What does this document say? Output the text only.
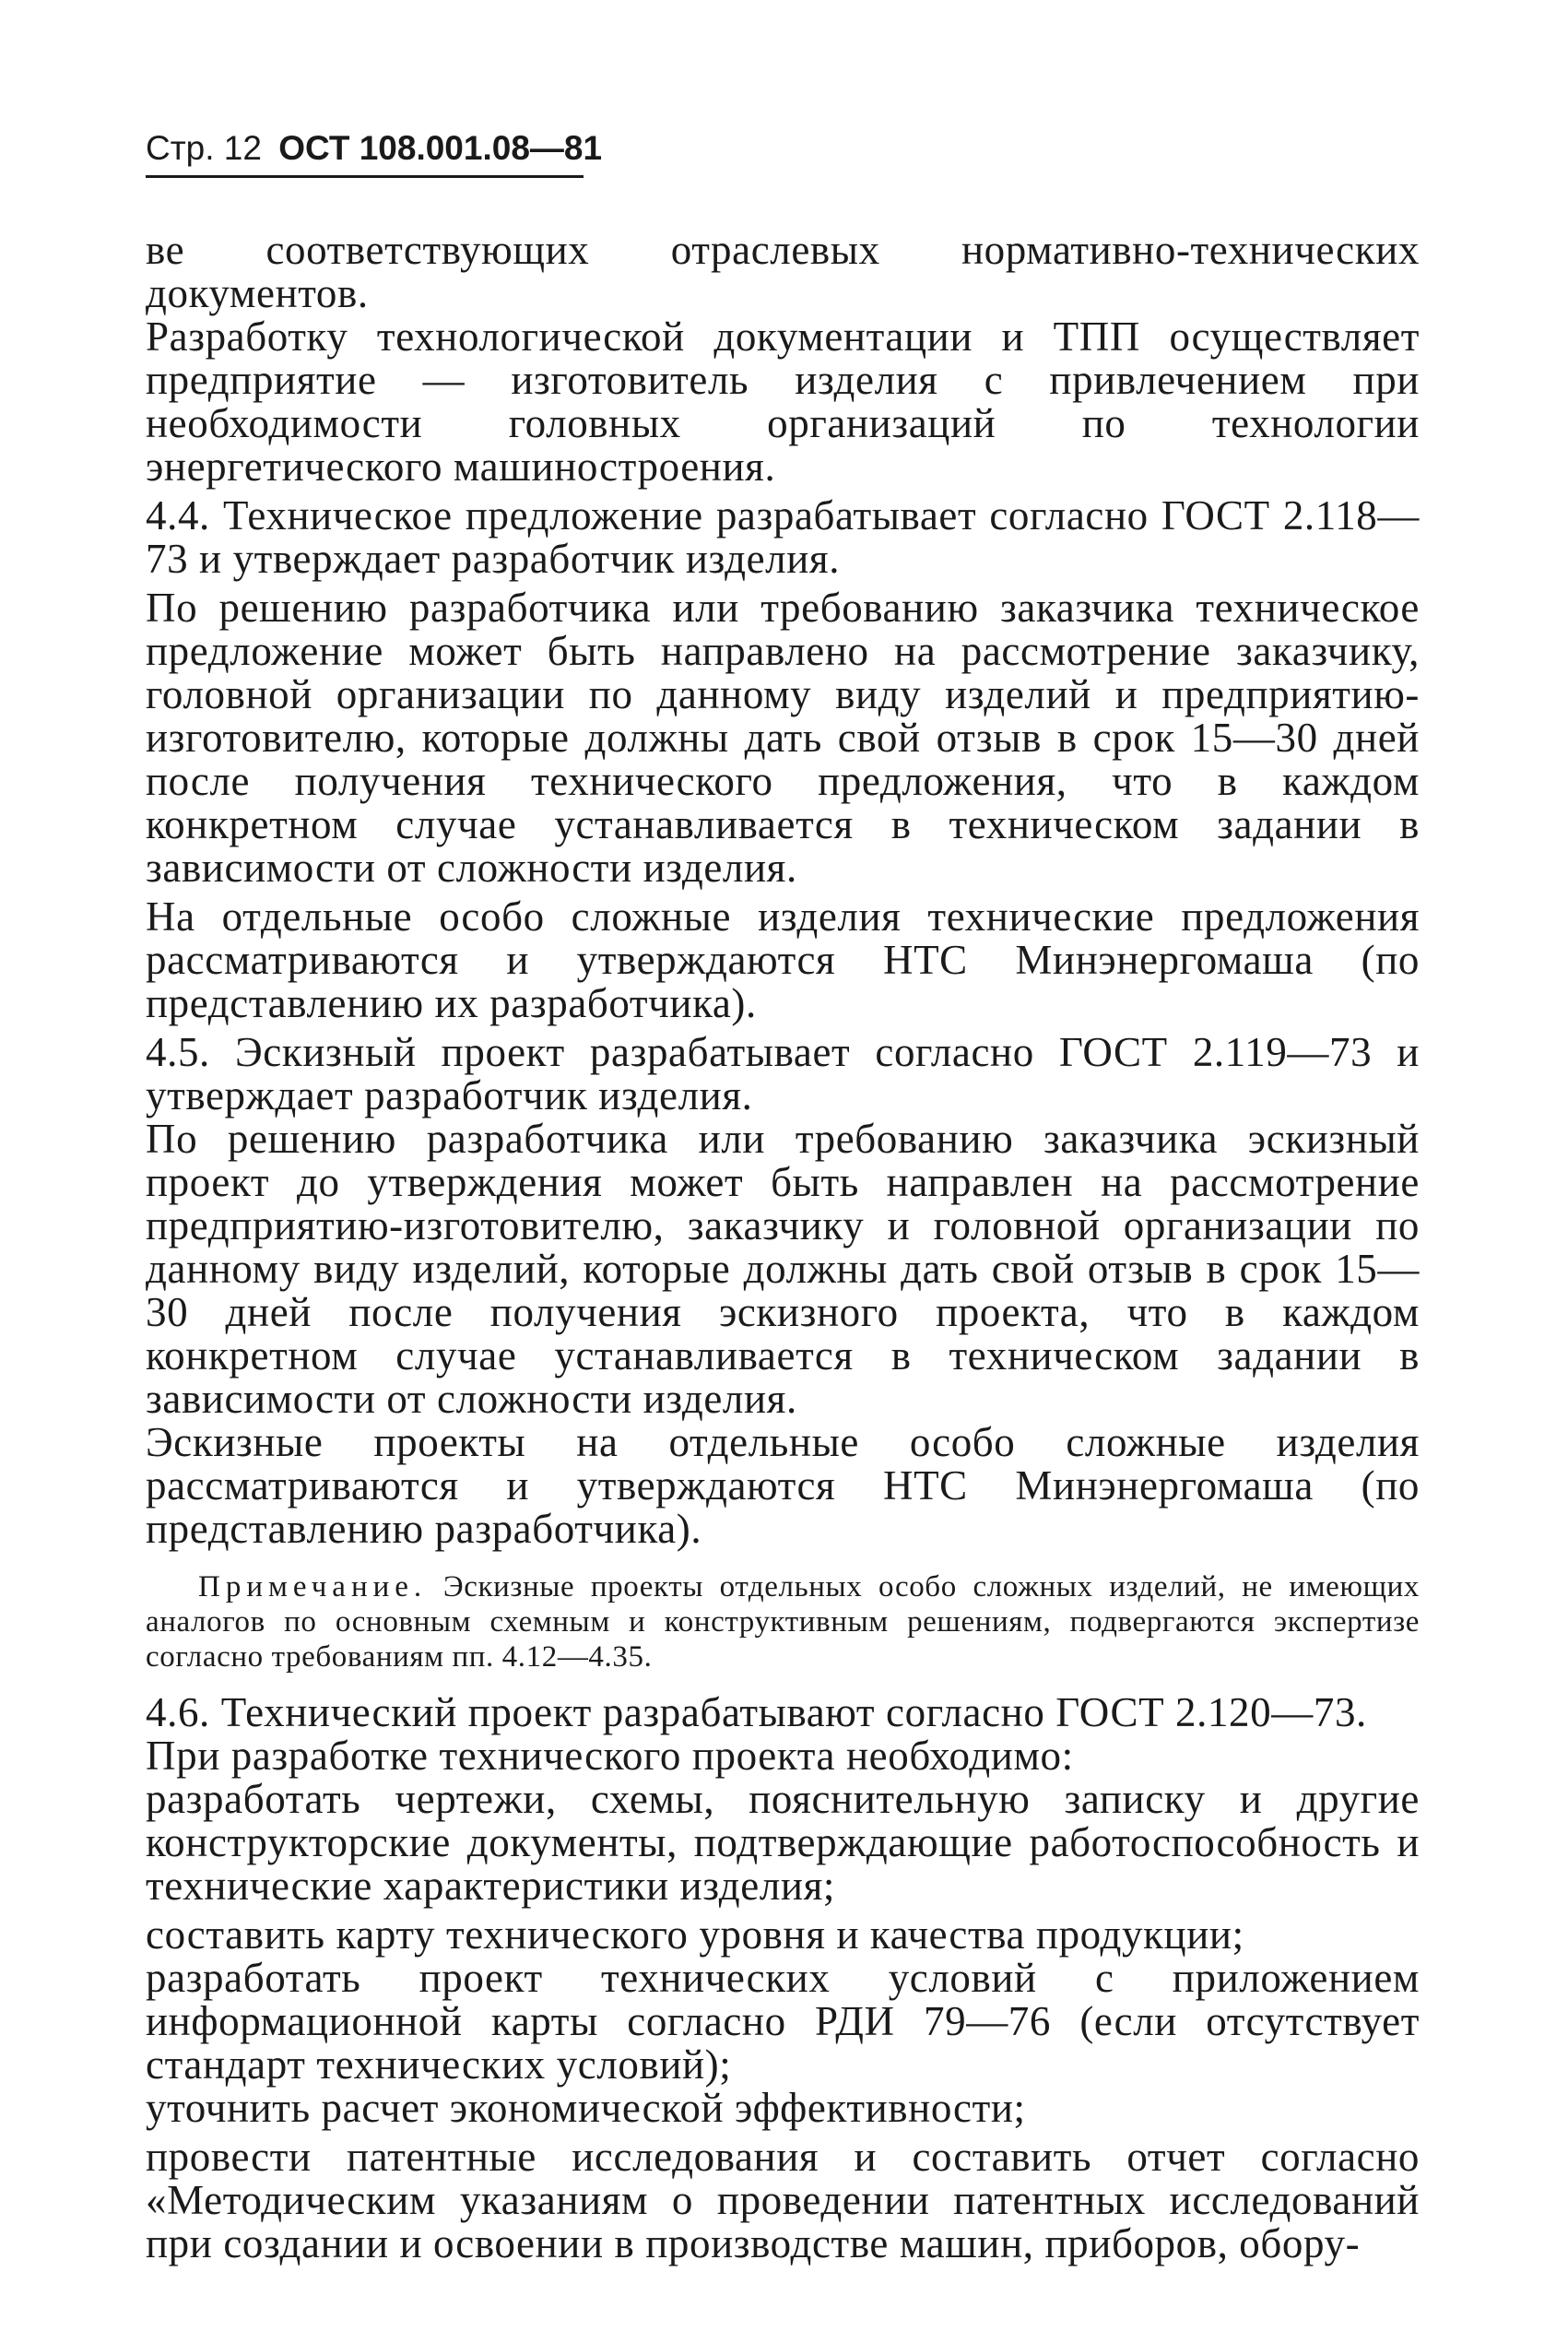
Стр. 12 ОСТ 108.001.08—81

ве соответствующих отраслевых нормативно-технических документов.

Разработку технологической документации и ТПП осуществляет предприятие — изготовитель изделия с привлечением при необходимости головных организаций по технологии энергетического машиностроения.

4.4. Техническое предложение разрабатывает согласно ГОСТ 2.118—73 и утверждает разработчик изделия.

По решению разработчика или требованию заказчика техническое предложение может быть направлено на рассмотрение заказчику, головной организации по данному виду изделий и предприятию-изготовителю, которые должны дать свой отзыв в срок 15—30 дней после получения технического предложения, что в каждом конкретном случае устанавливается в техническом задании в зависимости от сложности изделия.

На отдельные особо сложные изделия технические предложения рассматриваются и утверждаются НТС Минэнергомаша (по представлению их разработчика).

4.5. Эскизный проект разрабатывает согласно ГОСТ 2.119—73 и утверждает разработчик изделия.

По решению разработчика или требованию заказчика эскизный проект до утверждения может быть направлен на рассмотрение предприятию-изготовителю, заказчику и головной организации по данному виду изделий, которые должны дать свой отзыв в срок 15—30 дней после получения эскизного проекта, что в каждом конкретном случае устанавливается в техническом задании в зависимости от сложности изделия.

Эскизные проекты на отдельные особо сложные изделия рассматриваются и утверждаются НТС Минэнергомаша (по представлению разработчика).

Примечание. Эскизные проекты отдельных особо сложных изделий, не имеющих аналогов по основным схемным и конструктивным решениям, подвергаются экспертизе согласно требованиям пп. 4.12—4.35.

4.6. Технический проект разрабатывают согласно ГОСТ 2.120—73.

При разработке технического проекта необходимо:

разработать чертежи, схемы, пояснительную записку и другие конструкторские документы, подтверждающие работоспособность и технические характеристики изделия;

составить карту технического уровня и качества продукции;

разработать проект технических условий с приложением информационной карты согласно РДИ 79—76 (если отсутствует стандарт технических условий);

уточнить расчет экономической эффективности;

провести патентные исследования и составить отчет согласно «Методическим указаниям о проведении патентных исследований при создании и освоении в производстве машин, приборов, обору-
